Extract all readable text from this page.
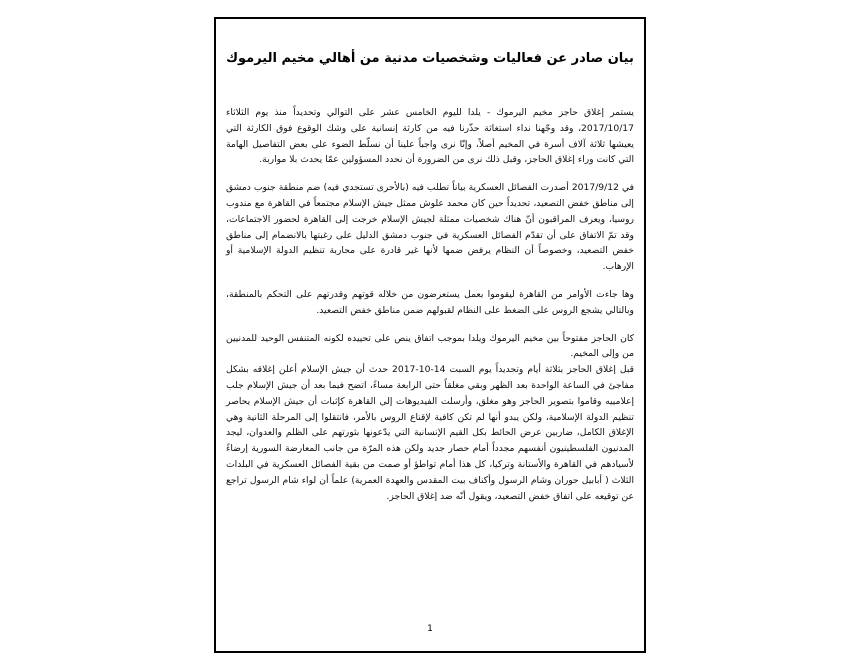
بيان صادر عن فعاليات وشخصيات مدنية من أهالي مخيم اليرموك

يستمر إغلاق حاجز مخيم اليرموك - يلدا لليوم الخامس عشر على التوالي وتحديداً منذ يوم الثلاثاء 2017/10/17، وقد وجّهنا نداء استغاثة حذّرنا فيه من كارثة إنسانية على وشك الوقوع فوق الكارثة التي يعيشها ثلاثة آلاف أسرة في المخيم أصلاً، وإنّا نرى واجباً علينا أن نسلّط الضوء على بعض التفاصيل الهامة التي كانت وراء إغلاق الحاجز، وقبل ذلك نرى من الضرورة أن نحدد المسؤولين عمّا يحدث بلا مواربة.

في 2017/9/12 أصدرت الفصائل العسكرية بياناً تطلب فيه (بالأحرى تستجدي فيه) ضم منطقة جنوب دمشق إلى مناطق خفض التصعيد، تحديداً حين كان محمد علوش ممثل جيش الإسلام مجتمعاً في القاهرة مع مندوب روسيا، ويعرف المراقبون أنّ هناك شخصيات ممثلة لجيش الإسلام خرجت إلى القاهرة لحضور الاجتماعات، وقد تمّ الاتفاق على أن تقدّم الفصائل العسكرية في جنوب دمشق الدليل على رغبتها بالانضمام إلى مناطق خفض التصعيد، وخصوصاً أن النظام يرفض ضمها لأنها غير قادرة على محاربة تنظيم الدولة الإسلامية أو الإرهاب.

وها جاءت الأوامر من القاهرة ليقوموا بعمل يستعرضون من خلاله قوتهم وقدرتهم على التحكم بالمنطقة، وبالتالي يشجع الروس على الضغط على النظام لقبولهم ضمن مناطق خفض التصعيد.

كان الحاجز مفتوحاً بين مخيم اليرموك ويلدا بموجب اتفاق ينص على تحييده لكونه المتنفس الوحيد للمدنيين من وإلى المخيم.

قبل إغلاق الحاجز بثلاثة أيام وتحديداً يوم السبت 14-10-2017 حدث أن جيش الإسلام أعلن إغلاقه بشكل مفاجئ في الساعة الواحدة بعد الظهر وبقي مغلقاً حتى الرابعة مساءً، اتضح فيما بعد أن جيش الإسلام جلب إعلامييه وقاموا بتصوير الحاجز وهو مغلق، وأرسلت الفيديوهات إلى القاهرة كإثبات أن جيش الإسلام يحاصر تنظيم الدولة الإسلامية، ولكن يبدو أنها لم تكن كافية لإقناع الروس بالأمر، فانتقلوا إلى المرحلة الثانية وهي الإغلاق الكامل، ضاربين عرض الحائط بكل القيم الإنسانية التي يدّعونها بثورتهم على الظلم والعدوان، ليجد المدنيون الفلسطينيون أنفسهم مجدداً أمام حصار جديد ولكن هذه المرّة من جانب المعارضة السورية إرضاءً لأسيادهم في القاهرة والأستانة وتركيا، كل هذا أمام تواطؤ أو صمت من بقية الفصائل العسكرية في البلدات الثلاث ( أبابيل حوران وشام الرسول وأكناف بيت المقدس والعهدة العمرية) علماً أن لواء شام الرسول تراجع عن توقيعه على اتفاق خفض التصعيد، ويقول أنّه ضد إغلاق الحاجز.

1
